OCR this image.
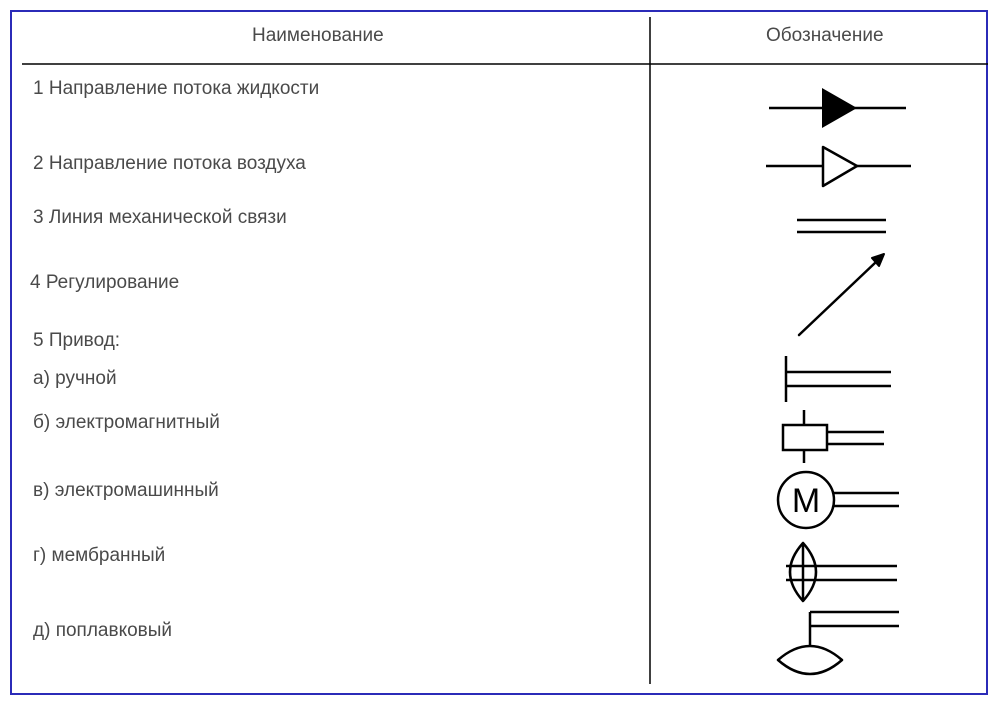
Наименование	Обозначение
1 Направление потока жидкости
2 Направление потока воздуха
3 Линия механической связи
4 Регулирование
5 Привод:
а) ручной
б) электромагнитный
в) электромашинный
г) мембранный
д) поплавковый
М
